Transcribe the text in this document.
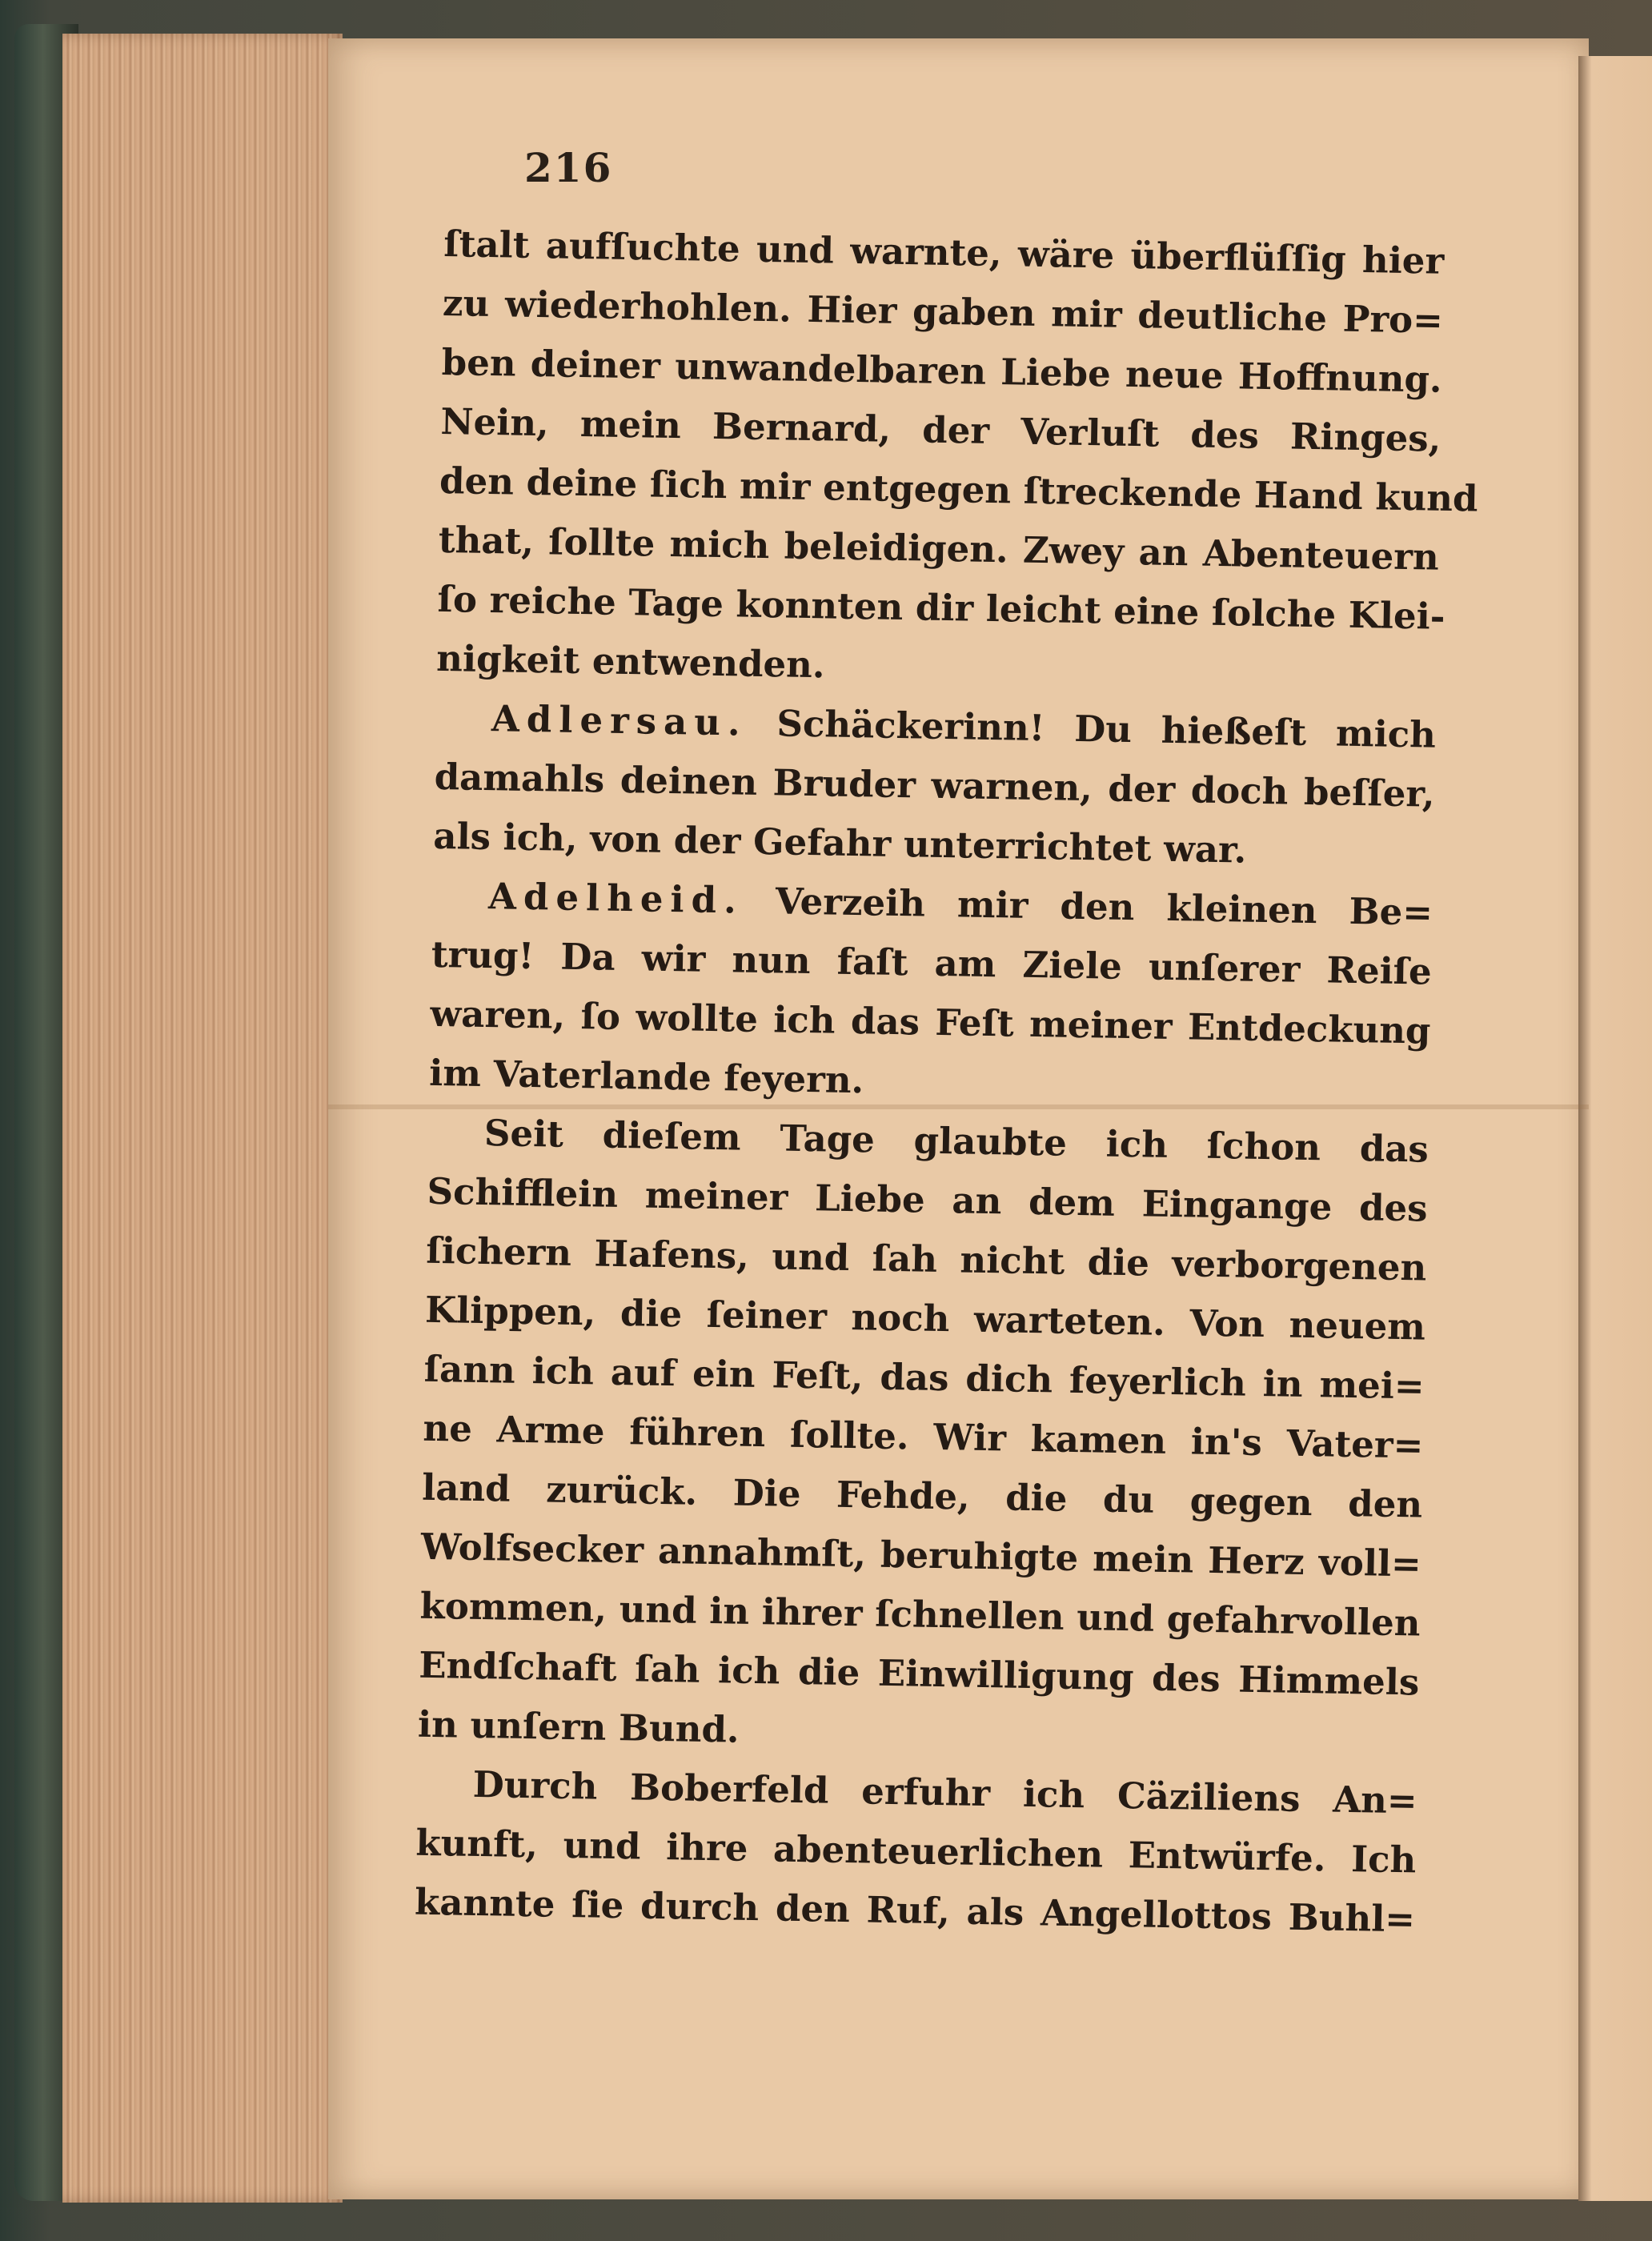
216

ſtalt aufſuchte und warnte, wäre überflüſſig hier
zu wiederhohlen. Hier gaben mir deutliche Pro=
ben deiner unwandelbaren Liebe neue Hoffnung.
Nein, mein Bernard, der Verluſt des Ringes,
den deine ſich mir entgegen ſtreckende Hand kund
that, ſollte mich beleidigen. Zwey an Abenteuern
ſo reiche Tage konnten dir leicht eine ſolche Klei-
nigkeit entwenden.
Adlersau. Schäckerinn! Du hießeſt mich
damahls deinen Bruder warnen, der doch beſſer,
als ich, von der Gefahr unterrichtet war.
Adelheid. Verzeih mir den kleinen Be=
trug! Da wir nun faſt am Ziele unſerer Reiſe
waren, ſo wollte ich das Feſt meiner Entdeckung
im Vaterlande feyern.
Seit dieſem Tage glaubte ich ſchon das
Schifflein meiner Liebe an dem Eingange des
ſichern Hafens, und ſah nicht die verborgenen
Klippen, die ſeiner noch warteten. Von neuem
ſann ich auf ein Feſt, das dich feyerlich in mei=
ne Arme führen ſollte. Wir kamen in's Vater=
land zurück. Die Fehde, die du gegen den
Wolfsecker annahmſt, beruhigte mein Herz voll=
kommen, und in ihrer ſchnellen und gefahrvollen
Endſchaft ſah ich die Einwilligung des Himmels
in unſern Bund.
Durch Boberfeld erfuhr ich Cäziliens An=
kunft, und ihre abenteuerlichen Entwürfe. Ich
kannte ſie durch den Ruf, als Angellottos Buhl=
